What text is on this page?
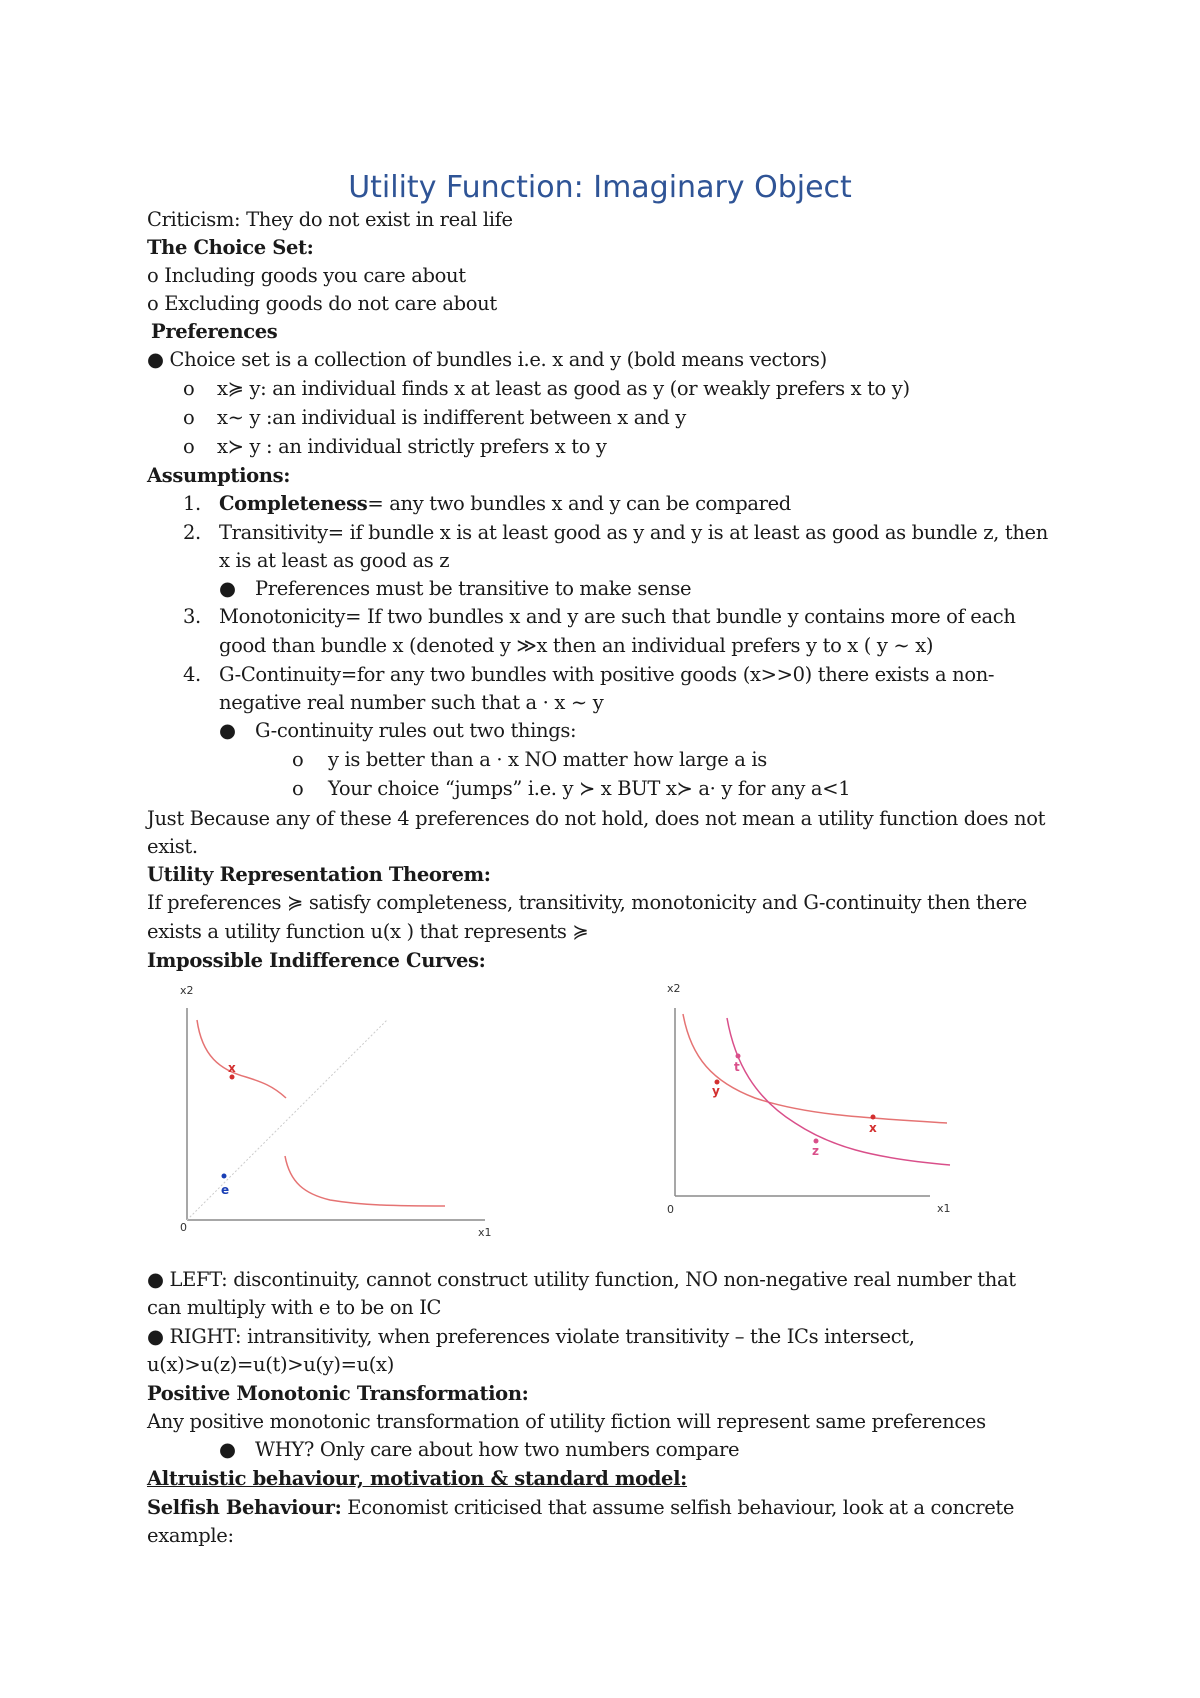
Utility Function: Imaginary Object
Criticism: They do not exist in real life
The Choice Set:
o Including goods you care about
o Excluding goods do not care about
Preferences
● Choice set is a collection of bundles i.e. x and y (bold means vectors)
o x≽ y: an individual finds x at least as good as y (or weakly prefers x to y)
o x∼ y :an individual is indifferent between x and y
o x≻ y : an individual strictly prefers x to y
Assumptions:
1. Completeness= any two bundles x and y can be compared
2. Transitivity= if bundle x is at least good as y and y is at least as good as bundle z, then
x is at least as good as z
● Preferences must be transitive to make sense
3. Monotonicity= If two bundles x and y are such that bundle y contains more of each
good than bundle x (denoted y ≫x then an individual prefers y to x ( y ∼ x)
4. G-Continuity=for any two bundles with positive goods (x>>0) there exists a non-
negative real number such that a · x ∼ y
● G-continuity rules out two things:
o y is better than a · x NO matter how large a is
o Your choice “jumps” i.e. y ≻ x BUT x≻ a· y for any a<1
Just Because any of these 4 preferences do not hold, does not mean a utility function does not
exist.
Utility Representation Theorem:
If preferences ≽ satisfy completeness, transitivity, monotonicity and G-continuity then there
exists a utility function u(x ) that represents ≽
Impossible Indifference Curves:
x
e
0
x2
x1
t
y
z
x
0
x2
x1
● LEFT: discontinuity, cannot construct utility function, NO non-negative real number that
can multiply with e to be on IC
● RIGHT: intransitivity, when preferences violate transitivity – the ICs intersect,
u(x)>u(z)=u(t)>u(y)=u(x)
Positive Monotonic Transformation:
Any positive monotonic transformation of utility fiction will represent same preferences
● WHY? Only care about how two numbers compare
Altruistic behaviour, motivation & standard model:
Selfish Behaviour: Economist criticised that assume selfish behaviour, look at a concrete
example:
